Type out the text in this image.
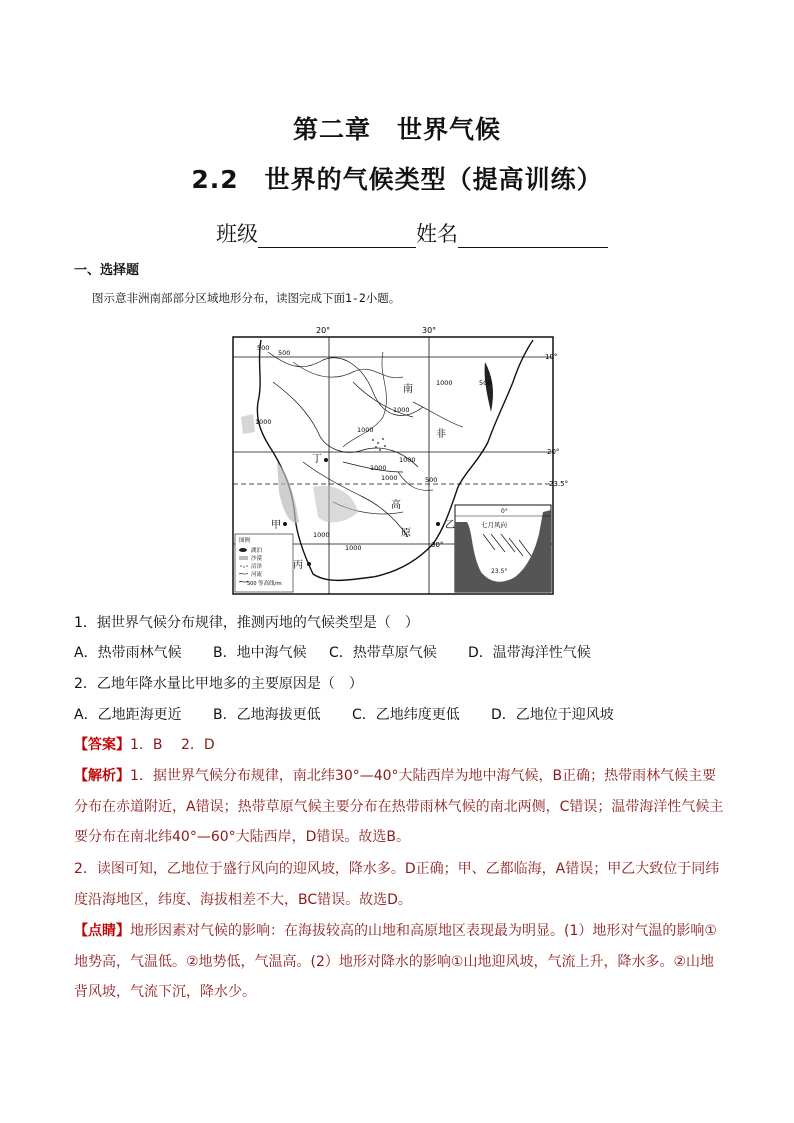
第二章　世界气候
2.2　世界的气候类型（提高训练）
班级	姓名
一、选择题
图示意非洲南部部分区域地形分布，读图完成下面1-2小题。
20°	30°
10°
20°
23.5°
30°
南
非
高
原
丁
甲	乙
丙
500
500
1000
1000
1000
500
1000
1000
1000
1000
1000
500
1000
图例
湖泊
沙漠
沼泽
河流
500 等高线/m
0°
七月风向
23.5°
1．据世界气候分布规律，推测丙地的气候类型是（　）
A．热带雨林气候	B．地中海气候	C．热带草原气候	D．温带海洋性气候
2．乙地年降水量比甲地多的主要原因是（　）
A．乙地距海更近	B．乙地海拔更低	C．乙地纬度更低	D．乙地位于迎风坡
【答案】1．B　 2．D
【解析】1．据世界气候分布规律，南北纬30°—40°大陆西岸为地中海气候，B正确；热带雨林气候主要分布在赤道附近，A错误；热带草原气候主要分布在热带雨林气候的南北两侧，C错误；温带海洋性气候主要分布在南北纬40°—60°大陆西岸，D错误。故选B。
2．读图可知，乙地位于盛行风向的迎风坡，降水多。D正确；甲、乙都临海，A错误；甲乙大致位于同纬度沿海地区，纬度、海拔相差不大，BC错误。故选D。
【点睛】地形因素对气候的影响：在海拔较高的山地和高原地区表现最为明显。(1）地形对气温的影响①地势高，气温低。②地势低，气温高。(2）地形对降水的影响①山地迎风坡，气流上升，降水多。②山地背风坡，气流下沉，降水少。
